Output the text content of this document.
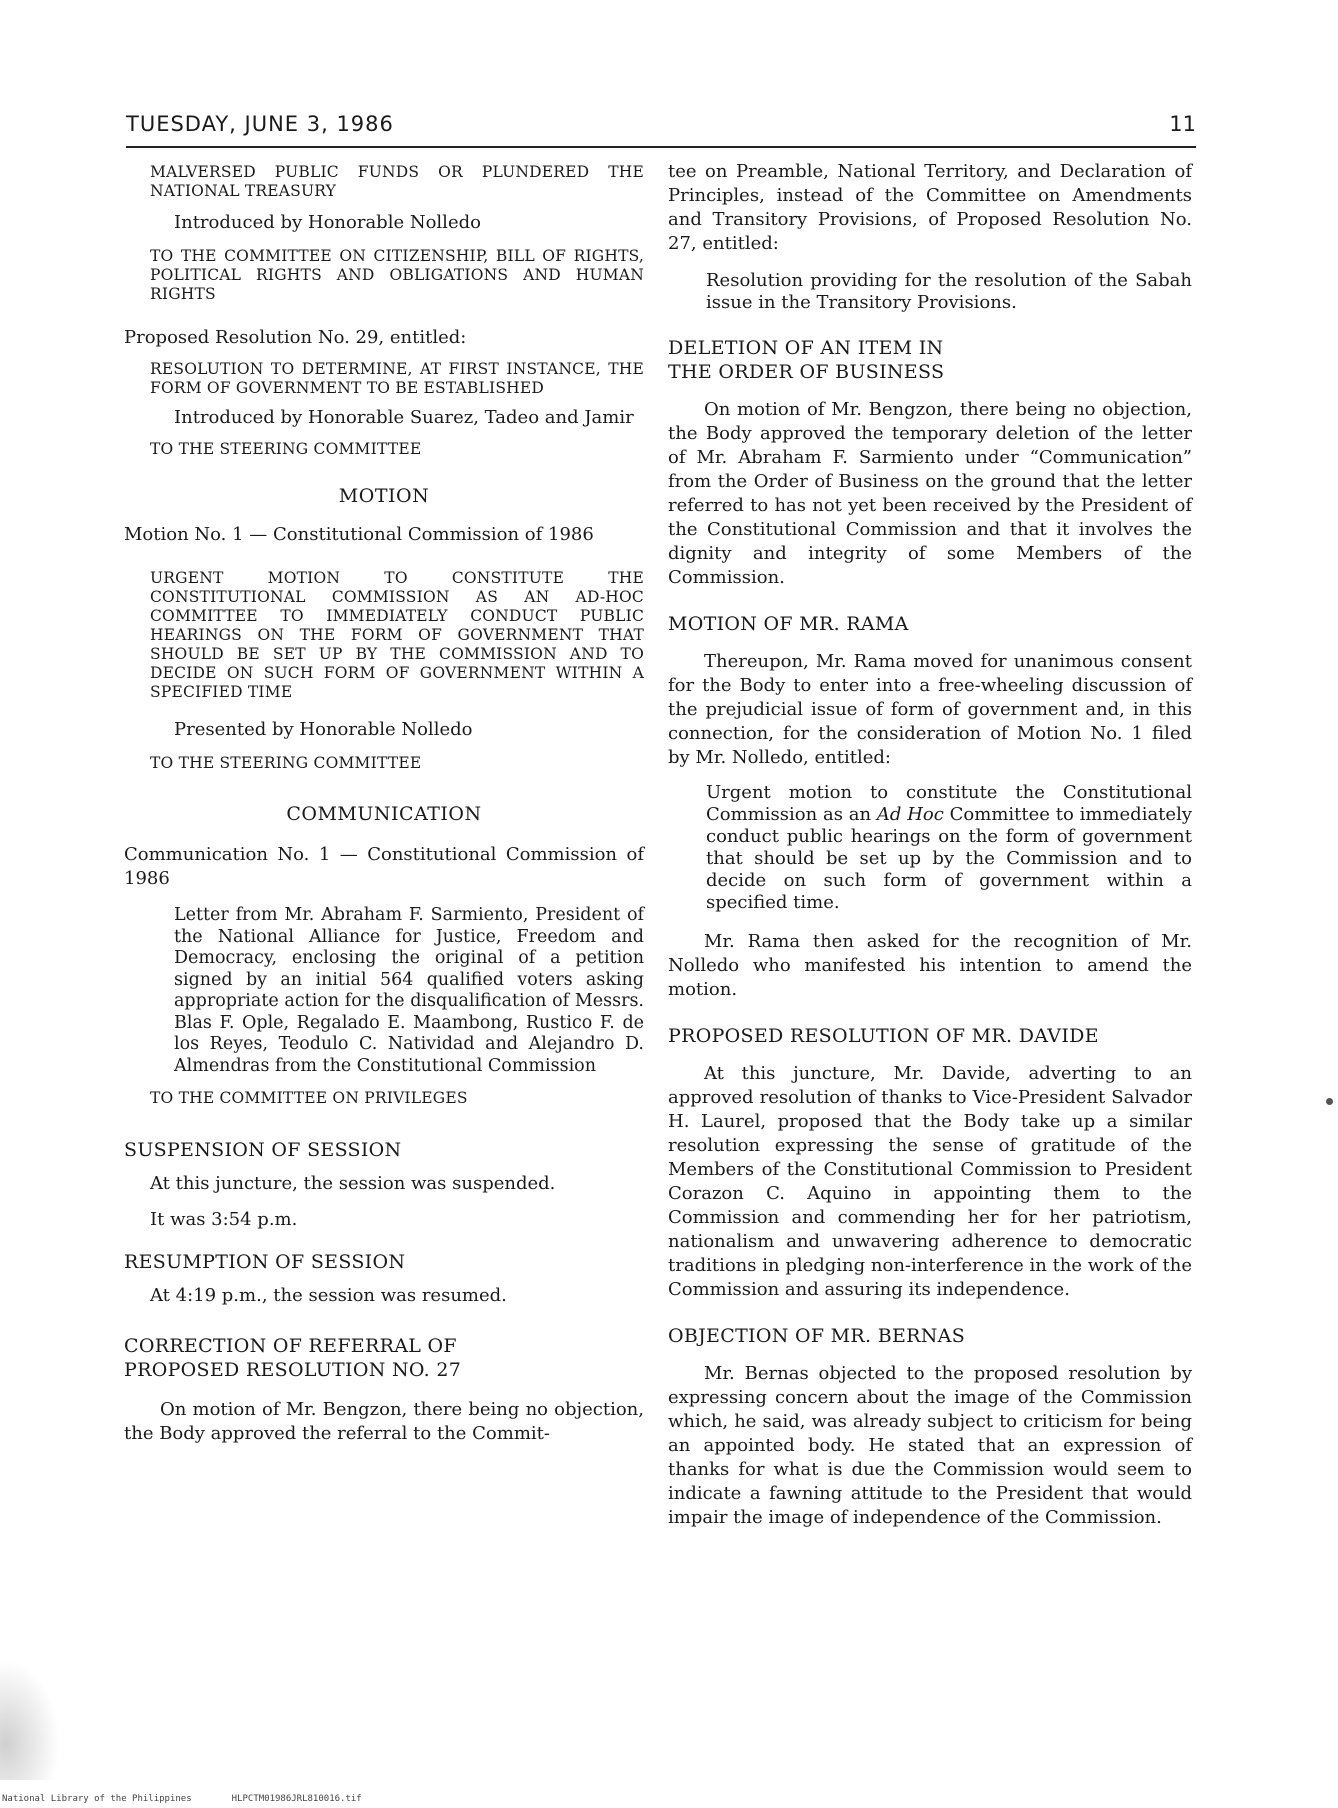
TUESDAY, JUNE 3, 1986	11

MALVERSED PUBLIC FUNDS OR PLUNDERED THE NATIONAL TREASURY

Introduced by Honorable Nolledo

TO THE COMMITTEE ON CITIZENSHIP, BILL OF RIGHTS, POLITICAL RIGHTS AND OBLIGATIONS AND HUMAN RIGHTS

Proposed Resolution No. 29, entitled:

RESOLUTION TO DETERMINE, AT FIRST INSTANCE, THE FORM OF GOVERNMENT TO BE ESTABLISHED

Introduced by Honorable Suarez, Tadeo and Jamir

TO THE STEERING COMMITTEE

MOTION

Motion No. 1 — Constitutional Commission of 1986

URGENT MOTION TO CONSTITUTE THE CONSTITUTIONAL COMMISSION AS AN AD-HOC COMMITTEE TO IMMEDIATELY CONDUCT PUBLIC HEARINGS ON THE FORM OF GOVERNMENT THAT SHOULD BE SET UP BY THE COMMISSION AND TO DECIDE ON SUCH FORM OF GOVERNMENT WITHIN A SPECIFIED TIME

Presented by Honorable Nolledo

TO THE STEERING COMMITTEE

COMMUNICATION

Communication No. 1 — Constitutional Commission of 1986

Letter from Mr. Abraham F. Sarmiento, President of the National Alliance for Justice, Freedom and Democracy, enclosing the original of a petition signed by an initial 564 qualified voters asking appropriate action for the disqualification of Messrs. Blas F. Ople, Regalado E. Maambong, Rustico F. de los Reyes, Teodulo C. Natividad and Alejandro D. Almendras from the Constitutional Commission

TO THE COMMITTEE ON PRIVILEGES

SUSPENSION OF SESSION

At this juncture, the session was suspended.

It was 3:54 p.m.

RESUMPTION OF SESSION

At 4:19 p.m., the session was resumed.

CORRECTION OF REFERRAL OF

PROPOSED RESOLUTION NO. 27

On motion of Mr. Bengzon, there being no objection, the Body approved the referral to the Commit-

tee on Preamble, National Territory, and Declaration of Principles, instead of the Committee on Amendments and Transitory Provisions, of Proposed Resolution No. 27, entitled:

Resolution providing for the resolution of the Sabah issue in the Transitory Provisions.

DELETION OF AN ITEM IN

THE ORDER OF BUSINESS

On motion of Mr. Bengzon, there being no objection, the Body approved the temporary deletion of the letter of Mr. Abraham F. Sarmiento under “Communication” from the Order of Business on the ground that the letter referred to has not yet been received by the President of the Constitutional Commission and that it involves the dignity and integrity of some Members of the Commission.

MOTION OF MR. RAMA

Thereupon, Mr. Rama moved for unanimous consent for the Body to enter into a free-wheeling discussion of the prejudicial issue of form of government and, in this connection, for the consideration of Motion No. 1 filed by Mr. Nolledo, entitled:

Urgent motion to constitute the Constitutional Commission as an Ad Hoc Committee to immediately conduct public hearings on the form of government that should be set up by the Commission and to decide on such form of government within a specified time.

Mr. Rama then asked for the recognition of Mr. Nolledo who manifested his intention to amend the motion.

PROPOSED RESOLUTION OF MR. DAVIDE

At this juncture, Mr. Davide, adverting to an approved resolution of thanks to Vice-President Salvador H. Laurel, proposed that the Body take up a similar resolution expressing the sense of gratitude of the Members of the Constitutional Commission to President Corazon C. Aquino in appointing them to the Commission and commending her for her patriotism, nationalism and unwavering adherence to democratic traditions in pledging non-interference in the work of the Commission and assuring its independence.

OBJECTION OF MR. BERNAS

Mr. Bernas objected to the proposed resolution by expressing concern about the image of the Commission which, he said, was already subject to criticism for being an appointed body. He stated that an expression of thanks for what is due the Commission would seem to indicate a fawning attitude to the President that would impair the image of independence of the Commission.

National Library of the Philippines	HLPCTM01986JRL810016.tif
